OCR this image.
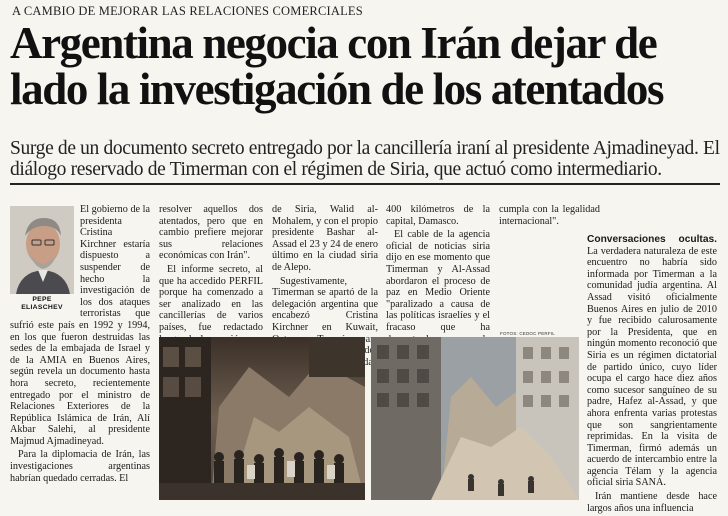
A CAMBIO DE MEJORAR LAS RELACIONES COMERCIALES
Argentina negocia con Irán dejar de lado la investigación de los atentados

Surge de un documento secreto entregado por la cancillería iraní al presidente Ajmadineyad. El diálogo reservado de Timerman con el régimen de Siria, que actuó como intermediario.

PEPE
ELIASCHEV

El gobierno de la presidenta Cristina Kirchner estaría dispuesto a suspender de hecho la investigación de los dos ataques terroristas que sufrió este país en 1992 y 1994, en los que fueron destruidas las sedes de la embajada de Israel y de la AMIA en Buenos Aires, según revela un documento hasta hora secreto, recientemente entregado por el ministro de Relaciones Exteriores de la República Islámica de Irán, Alí Akbar Salehi, al presidente Majmud Ajmadineyad.

Para la diplomacia de Irán, las investigaciones argentinas habrían quedado cerradas. El

resolver aquellos dos atentados, pero que en cambio prefiere mejorar sus relaciones económicas con Irán".

El informe secreto, al que ha accedido PERFIL porque ha comenzado a ser analizado en las cancillerías de varios países, fue redactado

de Siria, Walid al-Mohalem, y con el propio presidente Bashar al-Assad el 23 y 24 de enero último en la ciudad siria de Alepo.

Sugestivamente, Timerman se apartó de la delegación argentina que encabezó Cristina Kirchner en Kuwait, para

400 kilómetros de la capital, Damasco.

El cable de la agencia oficial de noticias siria dijo en ese momento que Timerman y Al-Assad abordaron el proceso de paz en Medio Oriente "paralizado a causa de las políticas israelíes y el fracaso que ha

cumpla con la legalidad internacional".

Conversaciones ocultas. La verdadera naturaleza de este encuentro no habría sido informada por Timerman a la comunidad judía argentina. Al Assad visitó oficialmente Buenos Aires en julio de 2010 y fue recibido calurosamente por la Presidenta, que en ningún momento reconoció que Siria es un régimen dictatorial de partido único, cuyo líder ocupa el cargo hace diez años como sucesor sanguíneo de su padre, Hafez al-Assad, y que ahora enfrenta varias protestas que son sangrientamente reprimidas. En la visita de Timerman, firmó además un acuerdo de intercambio entre la agencia Télam y la agencia oficial siria SANA.

Irán mantiene desde hace largos años una influencia

FOTOS: CEDOC PERFIL
